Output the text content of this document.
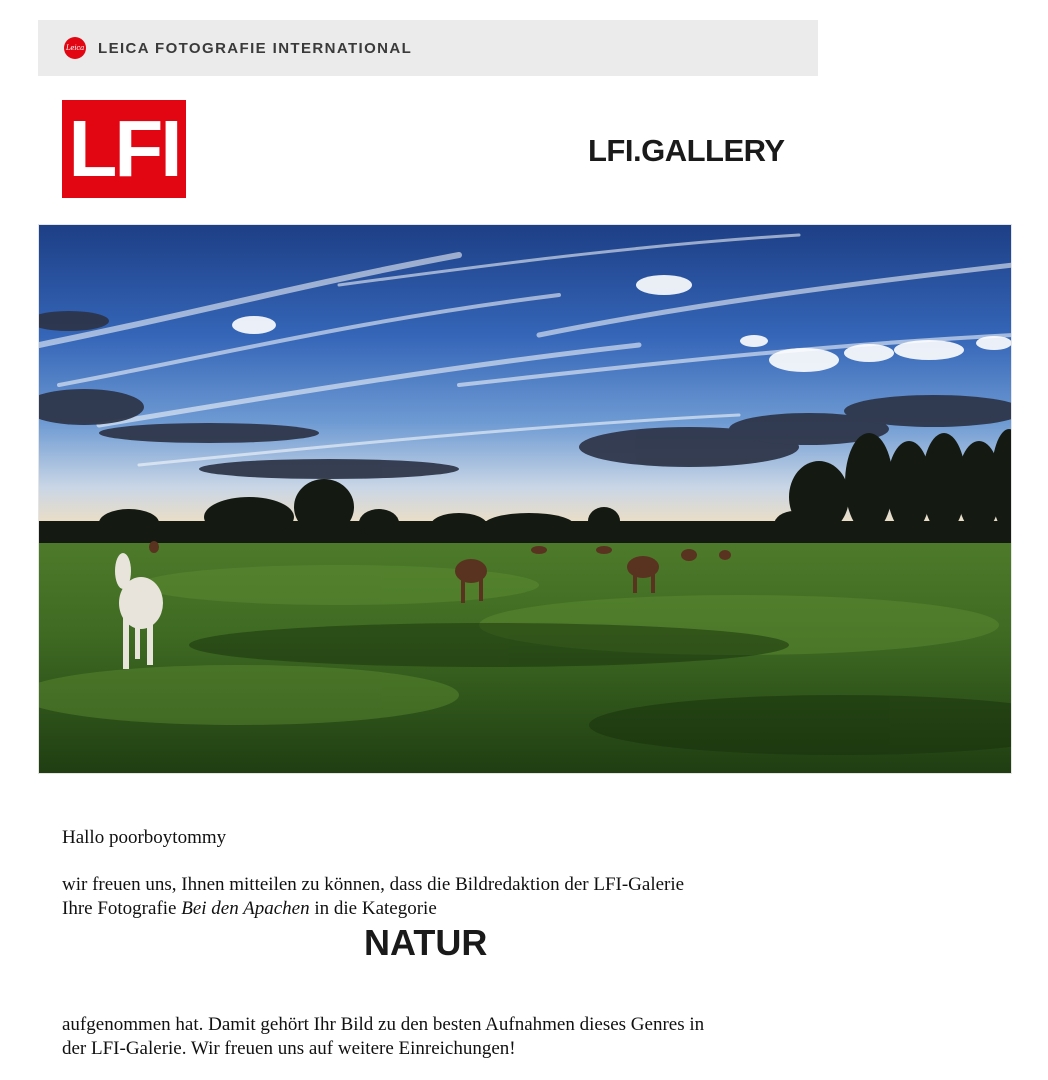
Leica LEICA FOTOGRAFIE INTERNATIONAL
LFI	LFI.GALLERY
Hallo poorboytommy
wir freuen uns, Ihnen mitteilen zu können, dass die Bildredaktion der LFI-Galerie
Ihre Fotografie Bei den Apachen in die Kategorie
NATUR
aufgenommen hat. Damit gehört Ihr Bild zu den besten Aufnahmen dieses Genres in
der LFI-Galerie. Wir freuen uns auf weitere Einreichungen!
